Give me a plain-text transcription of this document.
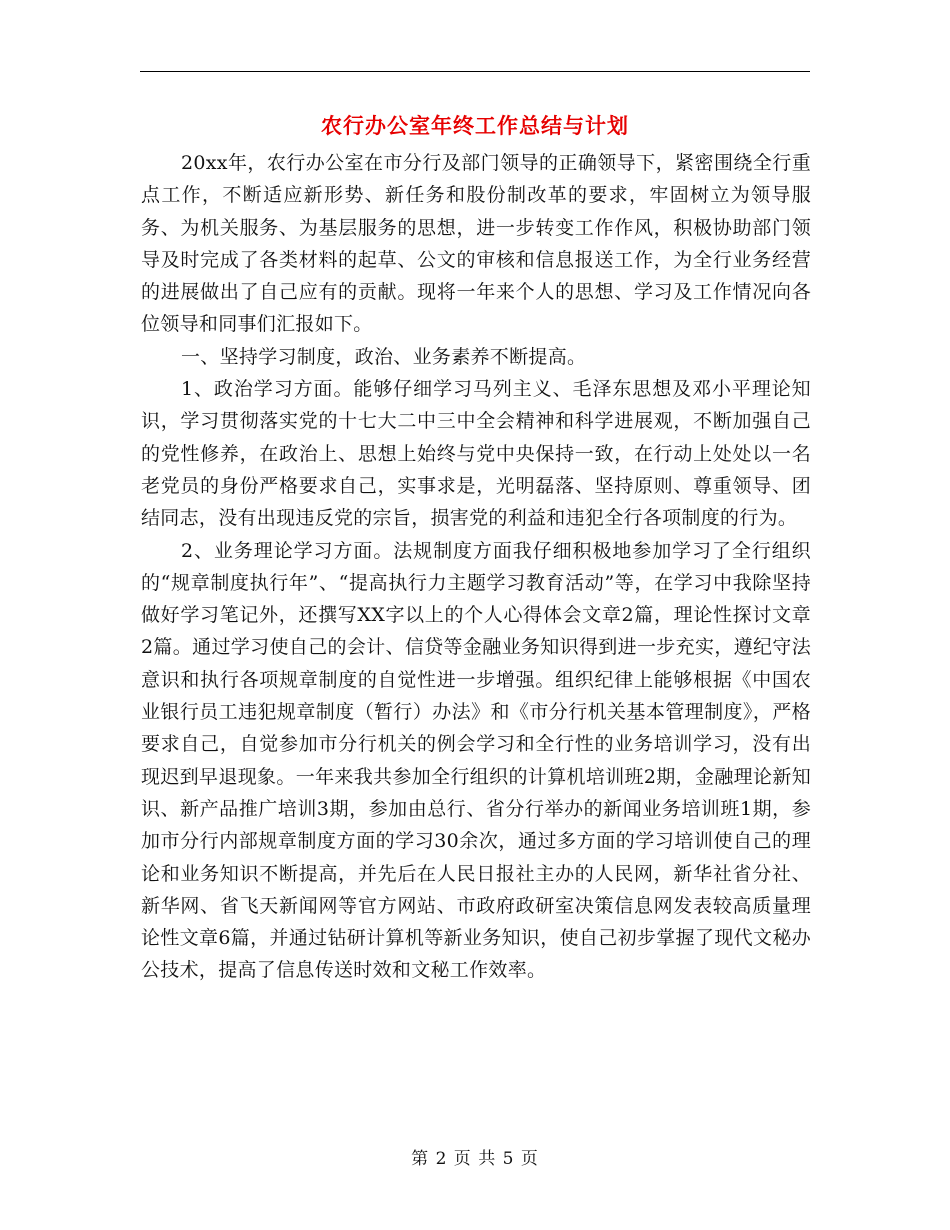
农行办公室年终工作总结与计划

20xx年，农行办公室在市分行及部门领导的正确领导下，紧密围绕全行重点工作，不断适应新形势、新任务和股份制改革的要求，牢固树立为领导服务、为机关服务、为基层服务的思想，进一步转变工作作风，积极协助部门领导及时完成了各类材料的起草、公文的审核和信息报送工作，为全行业务经营的进展做出了自己应有的贡献。现将一年来个人的思想、学习及工作情况向各位领导和同事们汇报如下。

一、坚持学习制度，政治、业务素养不断提高。

1、政治学习方面。能够仔细学习马列主义、毛泽东思想及邓小平理论知识，学习贯彻落实党的十七大二中三中全会精神和科学进展观，不断加强自己的党性修养，在政治上、思想上始终与党中央保持一致，在行动上处处以一名老党员的身份严格要求自己，实事求是，光明磊落、坚持原则、尊重领导、团结同志，没有出现违反党的宗旨，损害党的利益和违犯全行各项制度的行为。

2、业务理论学习方面。法规制度方面我仔细积极地参加学习了全行组织的“规章制度执行年”、“提高执行力主题学习教育活动”等，在学习中我除坚持做好学习笔记外，还撰写XX字以上的个人心得体会文章2篇，理论性探讨文章2篇。通过学习使自己的会计、信贷等金融业务知识得到进一步充实，遵纪守法意识和执行各项规章制度的自觉性进一步增强。组织纪律上能够根据《中国农业银行员工违犯规章制度（暂行）办法》和《市分行机关基本管理制度》，严格要求自己，自觉参加市分行机关的例会学习和全行性的业务培训学习，没有出现迟到早退现象。一年来我共参加全行组织的计算机培训班2期，金融理论新知识、新产品推广培训3期，参加由总行、省分行举办的新闻业务培训班1期，参加市分行内部规章制度方面的学习30余次，通过多方面的学习培训使自己的理论和业务知识不断提高，并先后在人民日报社主办的人民网，新华社省分社、新华网、省飞天新闻网等官方网站、市政府政研室决策信息网发表较高质量理论性文章6篇，并通过钻研计算机等新业务知识，使自己初步掌握了现代文秘办公技术，提高了信息传送时效和文秘工作效率。

第 2 页 共 5 页
